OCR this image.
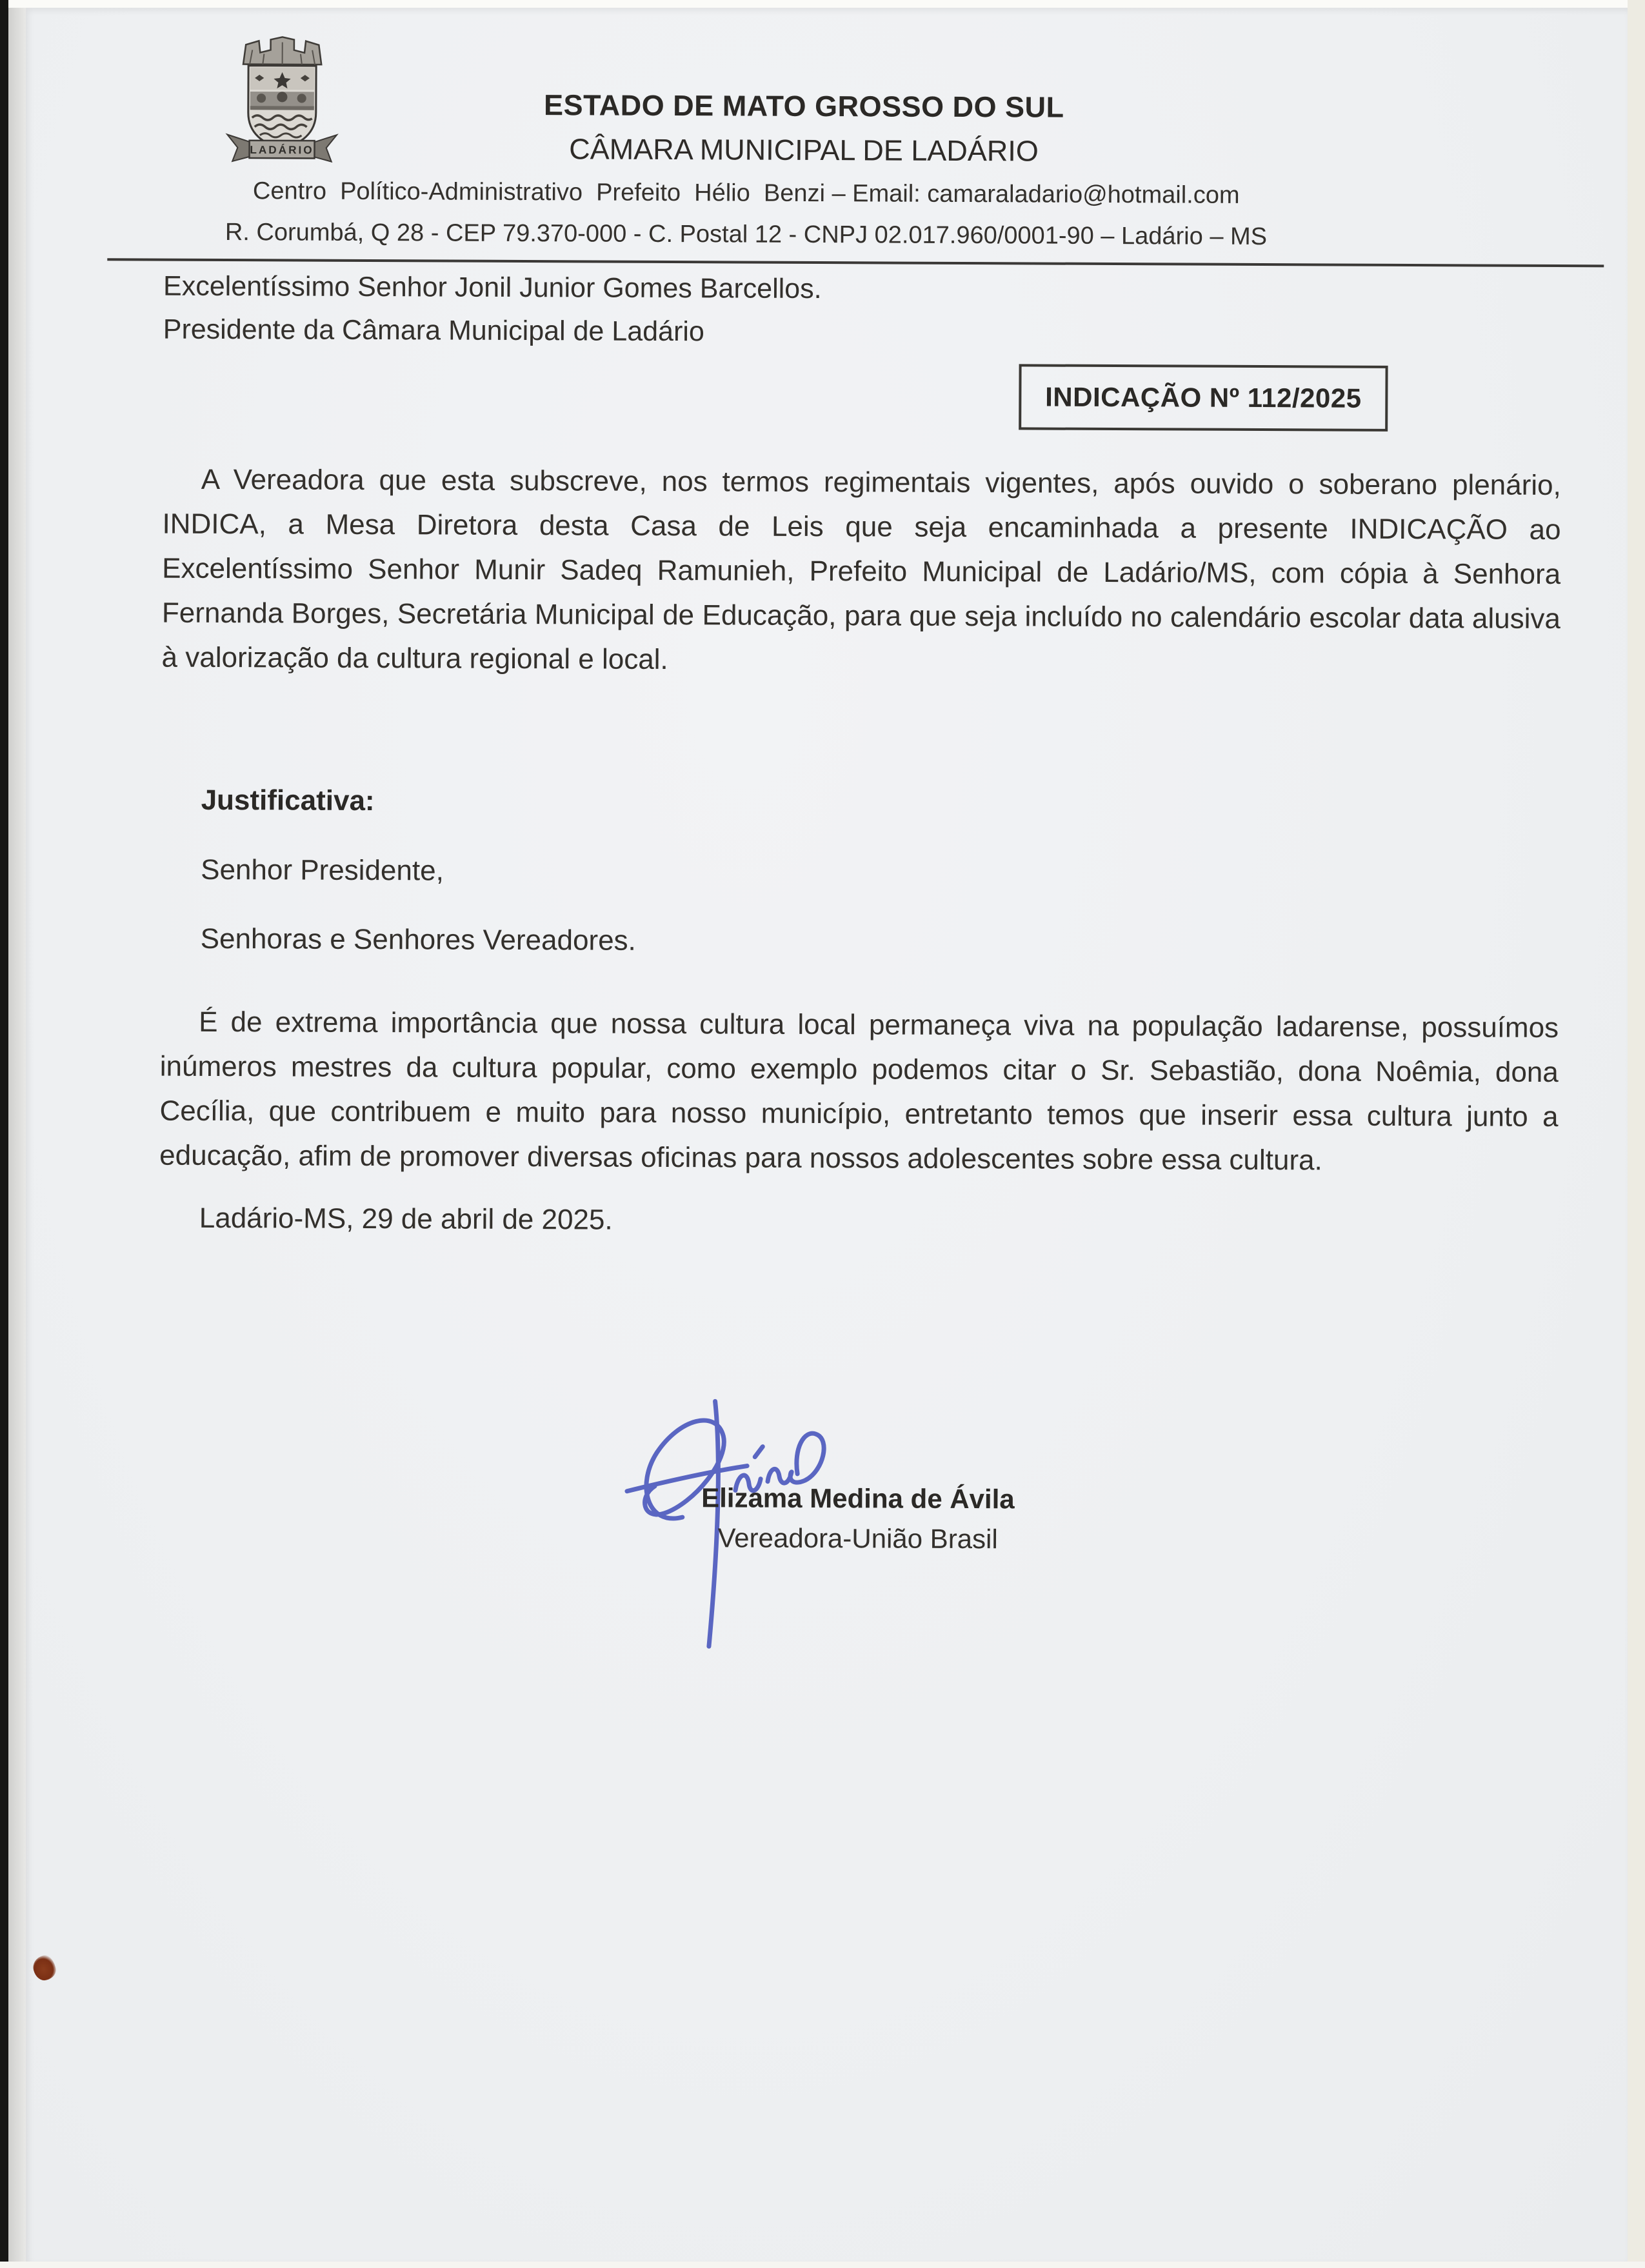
LADÁRIO
ESTADO DE MATO GROSSO DO SUL
CÂMARA MUNICIPAL DE LADÁRIO
Centro  Político-Administrativo  Prefeito  Hélio  Benzi – Email: camaraladario@hotmail.com
R. Corumbá, Q 28 - CEP 79.370-000 - C. Postal 12 - CNPJ 02.017.960/0001-90 – Ladário – MS
Excelentíssimo Senhor Jonil Junior Gomes Barcellos.
Presidente da Câmara Municipal de Ladário
INDICAÇÃO Nº 112/2025
A Vereadora que esta subscreve, nos termos regimentais vigentes, após ouvido o soberano plenário, INDICA, a Mesa Diretora desta Casa de Leis que seja encaminhada a presente INDICAÇÃO ao Excelentíssimo Senhor Munir Sadeq Ramunieh, Prefeito Municipal de Ladário/MS, com cópia à Senhora Fernanda Borges, Secretária Municipal de Educação, para que seja incluído no calendário escolar data alusiva à valorização da cultura regional e local.
Justificativa:
Senhor Presidente,
Senhoras e Senhores Vereadores.
É de extrema importância que nossa cultura local permaneça viva na população ladarense, possuímos inúmeros mestres da cultura popular, como exemplo podemos citar o Sr. Sebastião, dona Noêmia, dona Cecília, que contribuem e muito para nosso município, entretanto temos que inserir essa cultura junto a educação, afim de promover diversas oficinas para nossos adolescentes sobre essa cultura.
Ladário-MS, 29 de abril de 2025.
Elizama Medina de Ávila
Vereadora-União Brasil
